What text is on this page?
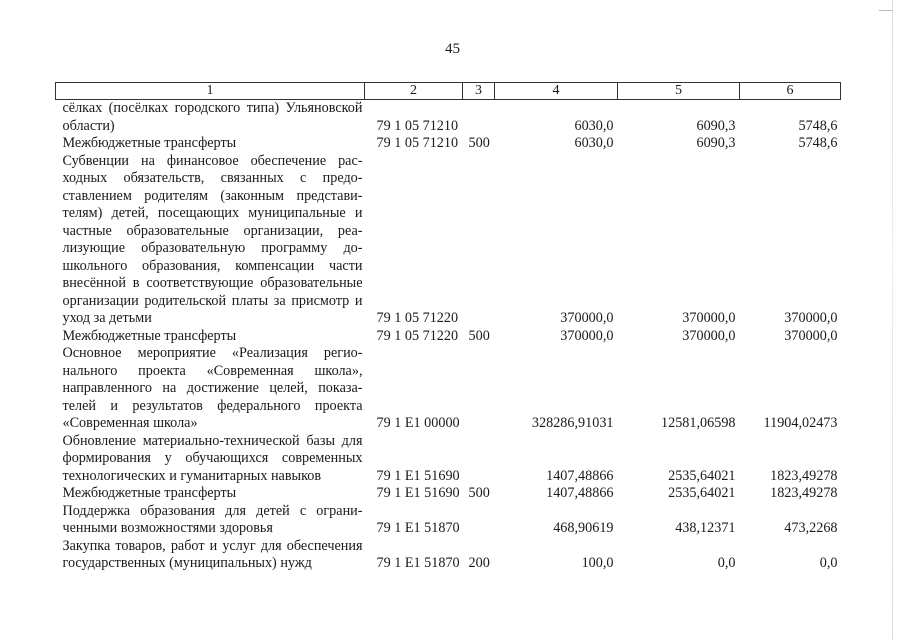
45
1	2	3	4	5	6
сёлках (посёлках городского типа) Ульяновской области)	79 1 05 71210		6030,0	6090,3	5748,6
Межбюджетные трансферты	79 1 05 71210	500	6030,0	6090,3	5748,6
Субвенции на финансовое обеспечение расходных обязательств, связанных с предоставлением родителям (законным представителям) детей, посещающих муниципальные и частные образовательные организации, реализующие образовательную программу дошкольного образования, компенсации части внесённой в соответствующие образовательные организации родительской платы за присмотр и уход за детьми	79 1 05 71220		370000,0	370000,0	370000,0
Межбюджетные трансферты	79 1 05 71220	500	370000,0	370000,0	370000,0
Основное мероприятие «Реализация регионального проекта «Современная школа», направленного на достижение целей, показателей и результатов федерального проекта «Современная школа»	79 1 E1 00000		328286,91031	12581,06598	11904,02473
Обновление материально-технической базы для формирования у обучающихся современных технологических и гуманитарных навыков	79 1 E1 51690		1407,48866	2535,64021	1823,49278
Межбюджетные трансферты	79 1 E1 51690	500	1407,48866	2535,64021	1823,49278
Поддержка образования для детей с ограниченными возможностями здоровья	79 1 E1 51870		468,90619	438,12371	473,2268
Закупка товаров, работ и услуг для обеспечения государственных (муниципальных) нужд	79 1 E1 51870	200	100,0	0,0	0,0
